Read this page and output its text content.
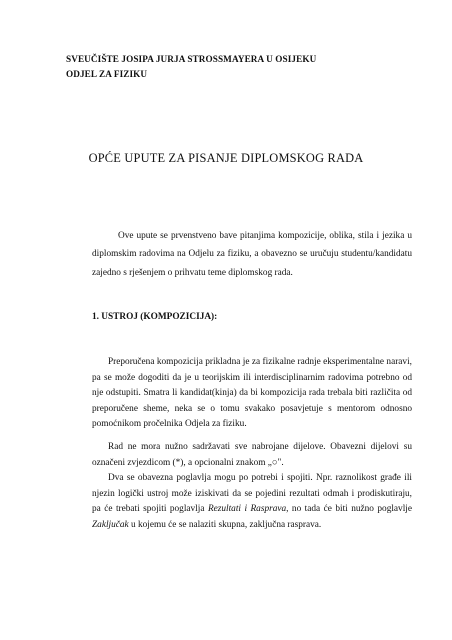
SVEUČIŠTE JOSIPA JURJA STROSSMAYERA U OSIJEKU
ODJEL ZA FIZIKU
OPĆE UPUTE ZA PISANJE DIPLOMSKOG RADA

Ove upute se prvenstveno bave pitanjima kompozicije, oblika, stila i jezika u diplomskim radovima na Odjelu za fiziku, a obavezno se uručuju studentu/kandidatu zajedno s rješenjem o prihvatu teme diplomskog rada.

1. USTROJ (KOMPOZICIJA):

Preporučena kompozicija prikladna je za fizikalne radnje eksperimentalne naravi, pa se može dogoditi da je u teorijskim ili interdisciplinarnim radovima potrebno od nje odstupiti. Smatra li kandidat(kinja) da bi kompozicija rada trebala biti različita od preporučene sheme, neka se o tomu svakako posavjetuje s mentorom odnosno pomoćnikom pročelnika Odjela za fiziku.

Rad ne mora nužno sadržavati sve nabrojane dijelove. Obavezni dijelovi su označeni zvjezdicom (*), a opcionalni znakom „○".

Dva se obavezna poglavlja mogu po potrebi i spojiti. Npr. raznolikost građe ili njezin logički ustroj može iziskivati da se pojedini rezultati odmah i prodiskutiraju, pa će trebati spojiti poglavlja Rezultati i Rasprava, no tada će biti nužno poglavlje Zaključak u kojemu će se nalaziti skupna, zaključna rasprava.
